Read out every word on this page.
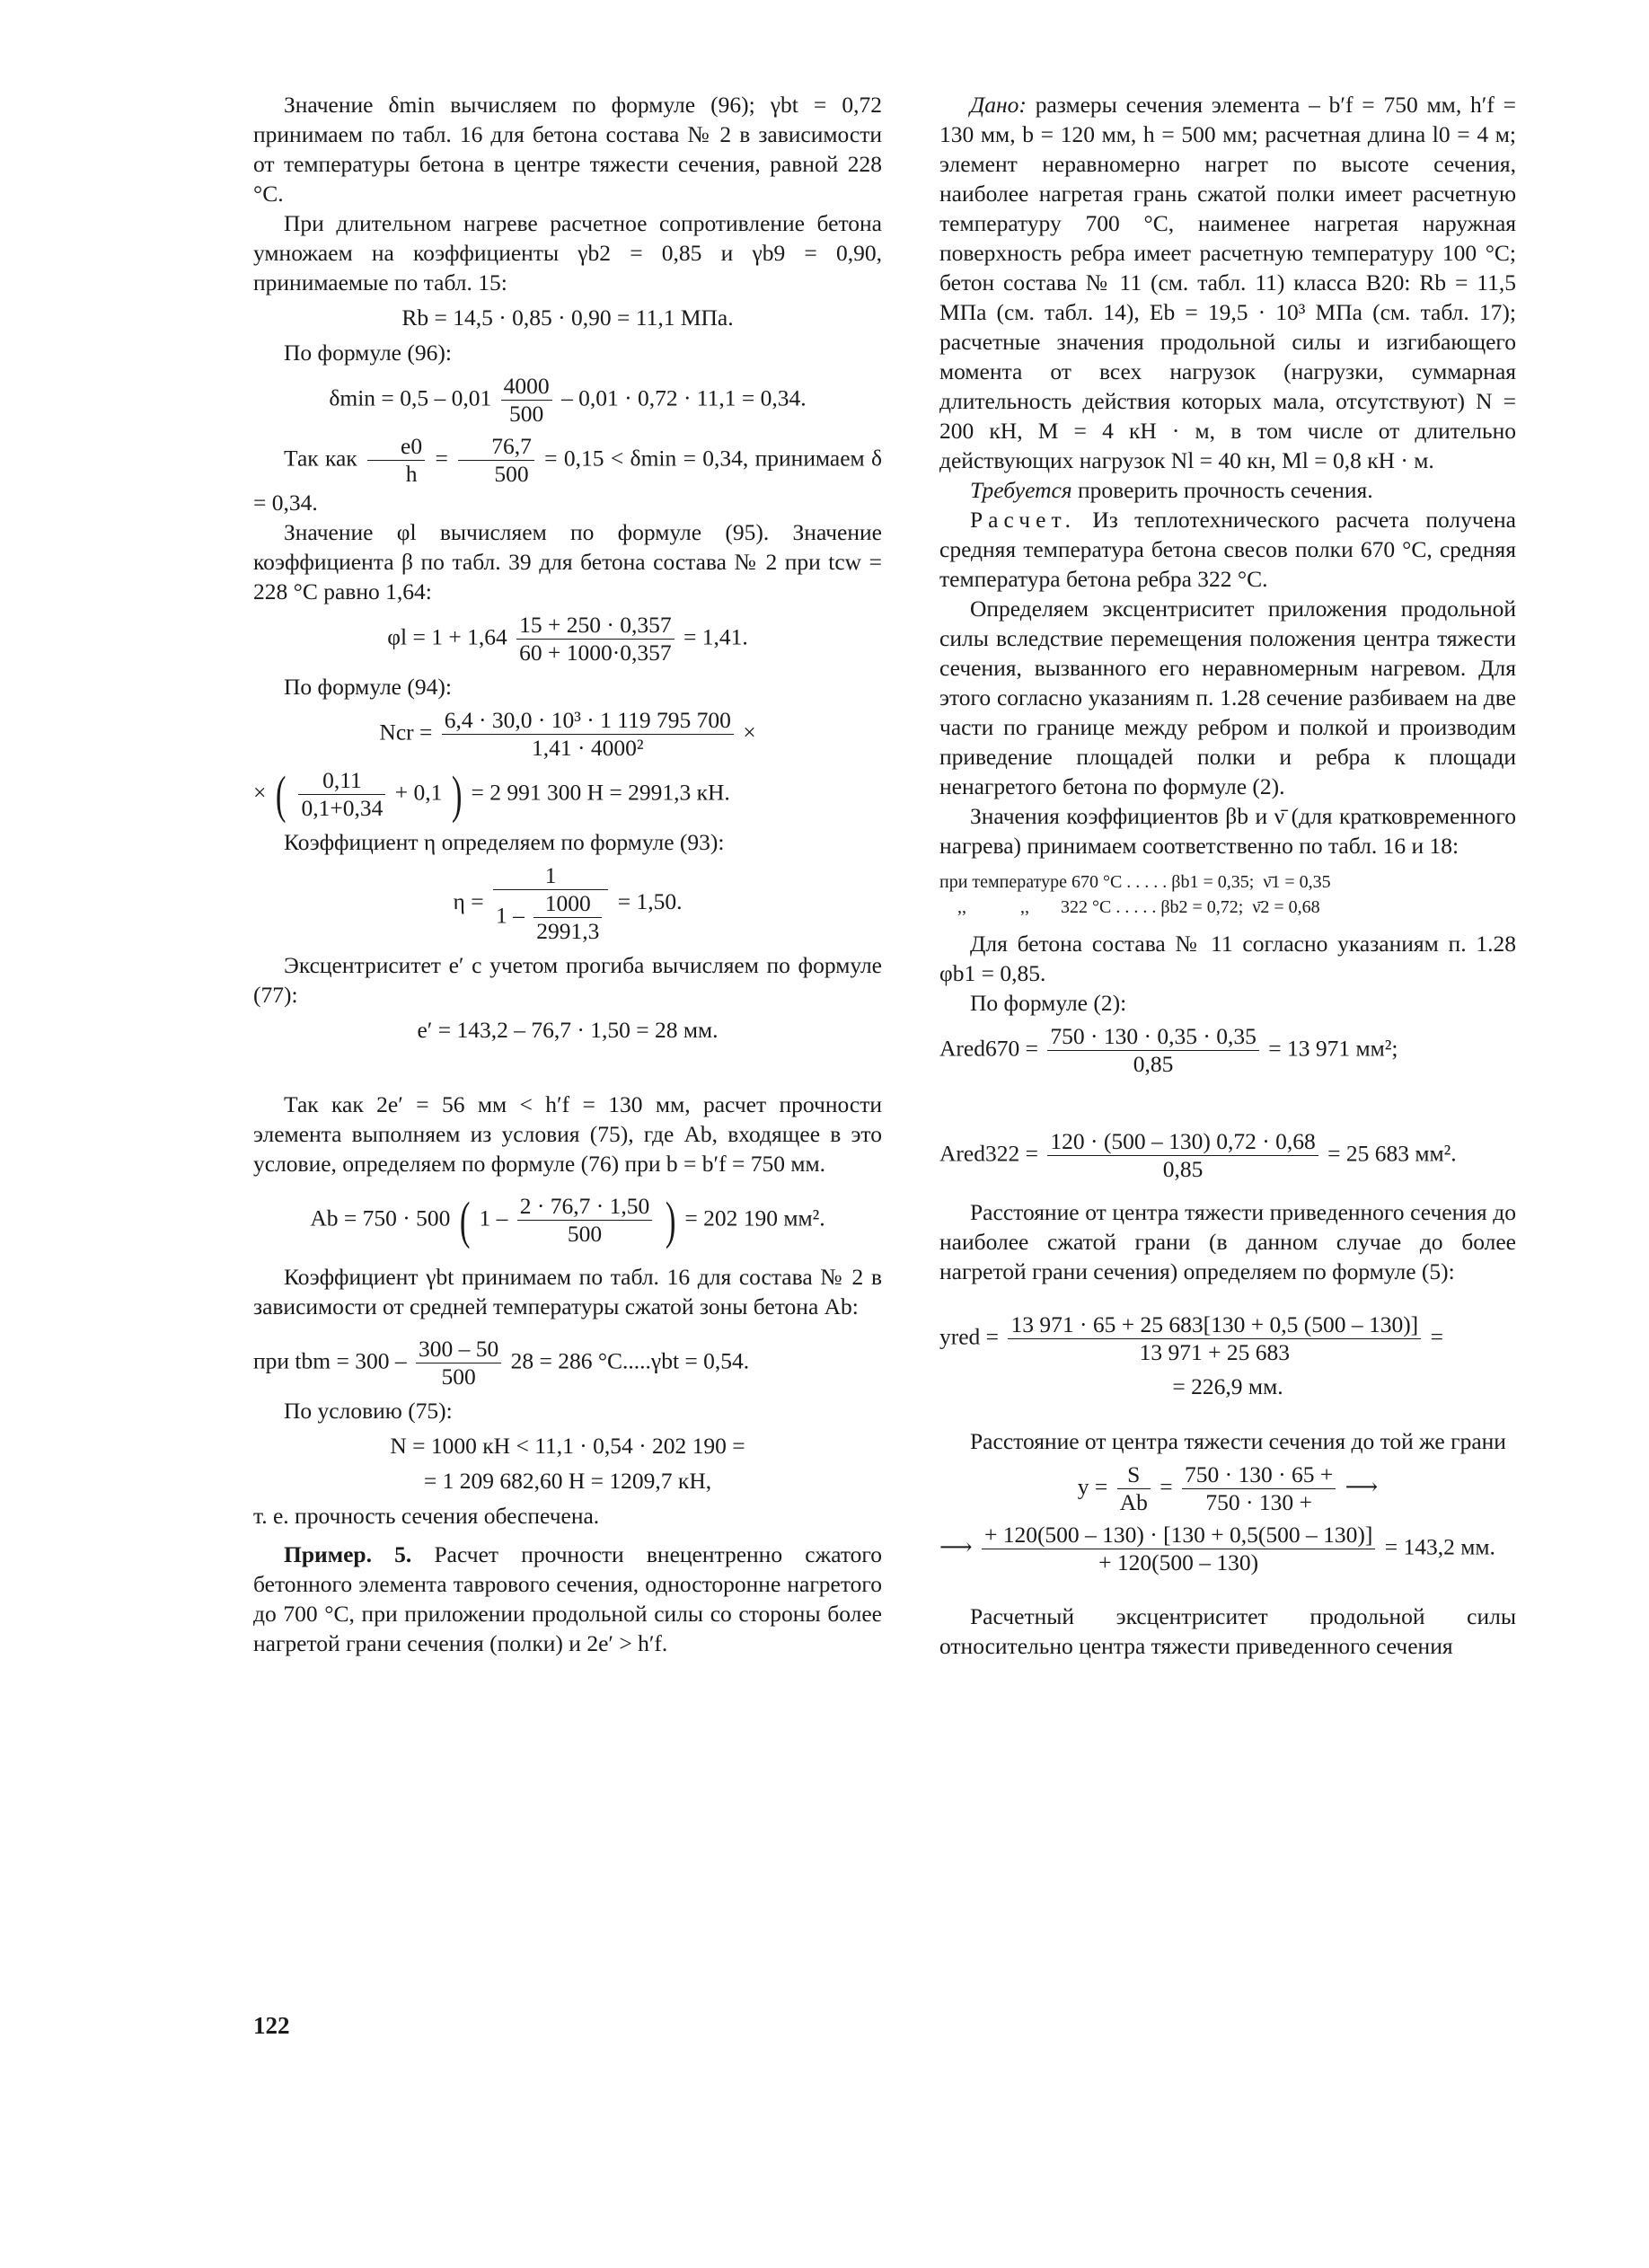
Значение δmin вычисляем по формуле (96); γbt = 0,72 принимаем по табл. 16 для бетона состава № 2 в зависимости от температуры бетона в центре тяжести сечения, равной 228 °С.

При длительном нагреве расчетное сопротивление бетона умножаем на коэффициенты γb2 = 0,85 и γb9 = 0,90, принимаемые по табл. 15:

Rb = 14,5 · 0,85 · 0,90 = 11,1 МПа.

По формуле (96):

$\delta\min = 0,5 - 0,01 \frac{4000}{500} - 0,01 \cdot 0,72 \cdot 11,1 = 0,34$.

Так как $\frac{e0}{h} = \frac{76,7}{500} = 0,15 < \delta\min = 0,34$, принимаем δ = 0,34.

Значение φl вычисляем по формуле (95). Значение коэффициента β по табл. 39 для бетона состава № 2 при tcw = 228 °С равно 1,64:

$\varphi l = 1 + 1,64 \frac{15 + 250 \cdot 0,357}{60 + 1000\cdot 0,357} = 1,41$.

По формуле (94):

Ncr = $\frac{\text{6,4 · 30,0 · 10³ · 1 119 795 700}}{\text{1,41 · 4000²}}$ ×
× ( $\frac{0,11}{0,1+0,34} + 0,1$ ) = 2 991 300 Н = 2991,3 кН.

Коэффициент η определяем по формуле (93):

$\eta = \frac{1}{1 - \frac{1000}{2991,3}} = 1,50$.

Эксцентриситет e′ с учетом прогиба вычисляем по формуле (77):

e′ = 143,2 – 76,7 · 1,50 = 28 мм.

Так как 2e′ = 56 мм < h′f = 130 мм, расчет прочности элемента выполняем из условия (75), где Ab, входящее в это условие, определяем по формуле (76) при b = b′f = 750 мм.

Ab = 750 · 500 ( $1 - \frac{2 \cdot 76,7 \cdot 1,50}{500}$ ) = 202 190 мм².

Коэффициент γbt принимаем по табл. 16 для состава № 2 в зависимости от средней температуры сжатой зоны бетона Ab:

при tbm = $300 - \frac{300 - 50}{500} 28 = 286$ °С.....γbt = 0,54.

По условию (75):

N = 1000 кН < 11,1 · 0,54 · 202 190 =
= 1 209 682,60 Н = 1209,7 кН,

т. е. прочность сечения обеспечена.

Пример. 5. Расчет прочности внецентренно сжатого бетонного элемента таврового сечения, односторонне нагретого до 700 °С, при приложении продольной силы со стороны более нагретой грани сечения (полки) и 2e′ > h′f.

Дано: размеры сечения элемента – b′f = 750 мм, h′f = 130 мм, b = 120 мм, h = 500 мм; расчетная длина l0 = 4 м; элемент неравномерно нагрет по высоте сечения, наиболее нагретая грань сжатой полки имеет расчетную температуру 700 °С, наименее нагретая наружная поверхность ребра имеет расчетную температуру 100 °С; бетон состава № 11 (см. табл. 11) класса В20: Rb = 11,5 МПа (см. табл. 14), Eb = 19,5 · 10³ МПа (см. табл. 17); расчетные значения продольной силы и изгибающего момента от всех нагрузок (нагрузки, суммарная длительность действия которых мала, отсутствуют) N = 200 кН, M = 4 кН · м, в том числе от длительно действующих нагрузок Nl = 40 кн, Ml = 0,8 кН · м.

Требуется проверить прочность сечения.

Расчет. Из теплотехнического расчета получена средняя температура бетона свесов полки 670 °С, средняя температура бетона ребра 322 °С.

Определяем эксцентриситет приложения продольной силы вследствие перемещения положения центра тяжести сечения, вызванного его неравномерным нагревом. Для этого согласно указаниям п. 1.28 сечение разбиваем на две части по границе между ребром и полкой и производим приведение площадей полки и ребра к площади ненагретого бетона по формуле (2).

Значения коэффициентов βb и ν̄ (для кратковременного нагрева) принимаем соответственно по табл. 16 и 18:

при температуре 670 °С . . . . . βb1 = 0,35;  ν̄1 = 0,35
,,            ,,       322 °С . . . . . βb2 = 0,72;  ν̄2 = 0,68

Для бетона состава № 11 согласно указаниям п. 1.28 φb1 = 0,85.

По формуле (2):

Ared670 = $\frac{750 \cdot 130 \cdot 0,35 \cdot 0,35}{0,85} = 13$ 971 мм²;
Ared322 = $\frac{120 \cdot (500 - 130) 0,72 \cdot 0,68}{0,85} = 25$ 683 мм².

Расстояние от центра тяжести приведенного сечения до наиболее сжатой грани (в данном случае до более нагретой грани сечения) определяем по формуле (5):

yred = $\frac{13 971 \cdot 65 + 25 683[130 + 0,5 (500 - 130)]}{13 971 + 25 683}$ =
= 226,9 мм.

Расстояние от центра тяжести сечения до той же грани

$y = \frac{S}{Ab} = \frac{750 \cdot 130 \cdot 65 +}{750 \cdot 130 +}$ ⟶
⟶ $\frac{+ 120(500 - 130) \cdot [130 + 0,5(500 - 130)]}{+ 120(500 - 130)} = 143,2$ мм.

Расчетный эксцентриситет продольной силы относительно центра тяжести приведенного сечения

122
